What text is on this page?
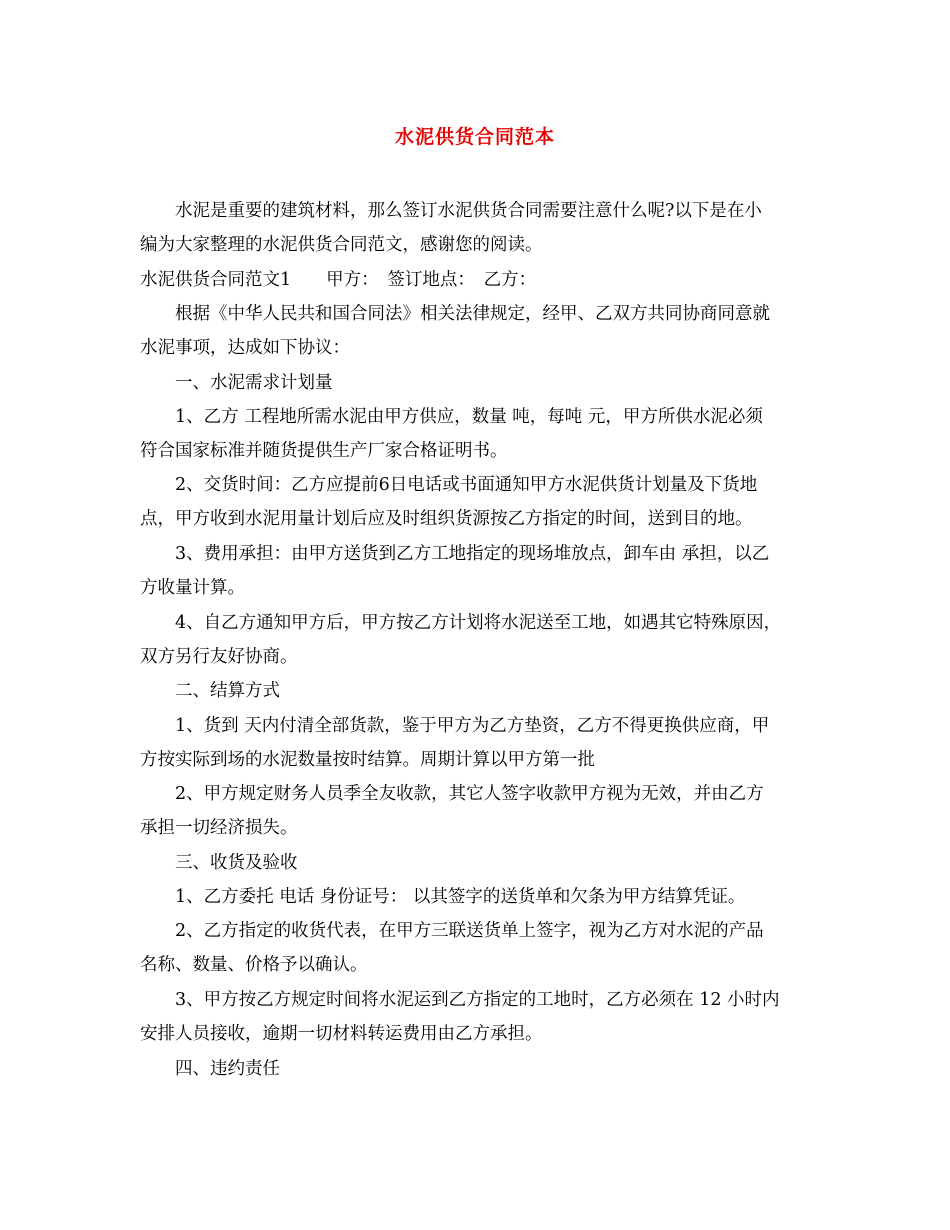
水泥供货合同范本
水泥是重要的建筑材料，那么签订水泥供货合同需要注意什么呢?以下是在小
编为大家整理的水泥供货合同范文，感谢您的阅读。
水泥供货合同范文1　　甲方：　签订地点：　乙方：
根据《中华人民共和国合同法》相关法律规定，经甲、乙双方共同协商同意就
水泥事项，达成如下协议：
一、水泥需求计划量
1、乙方 工程地所需水泥由甲方供应，数量 吨，每吨 元，甲方所供水泥必须
符合国家标准并随货提供生产厂家合格证明书。
2、交货时间：乙方应提前6日电话或书面通知甲方水泥供货计划量及下货地
点，甲方收到水泥用量计划后应及时组织货源按乙方指定的时间，送到目的地。
3、费用承担：由甲方送货到乙方工地指定的现场堆放点，卸车由 承担，以乙
方收量计算。
4、自乙方通知甲方后，甲方按乙方计划将水泥送至工地，如遇其它特殊原因，
双方另行友好协商。
二、结算方式
1、货到 天内付清全部货款，鉴于甲方为乙方垫资，乙方不得更换供应商，甲
方按实际到场的水泥数量按时结算。周期计算以甲方第一批
2、甲方规定财务人员季全友收款，其它人签字收款甲方视为无效，并由乙方
承担一切经济损失。
三、收货及验收
1、乙方委托 电话 身份证号： 以其签字的送货单和欠条为甲方结算凭证。
2、乙方指定的收货代表，在甲方三联送货单上签字，视为乙方对水泥的产品
名称、数量、价格予以确认。
3、甲方按乙方规定时间将水泥运到乙方指定的工地时，乙方必须在 12 小时内
安排人员接收，逾期一切材料转运费用由乙方承担。
四、违约责任
